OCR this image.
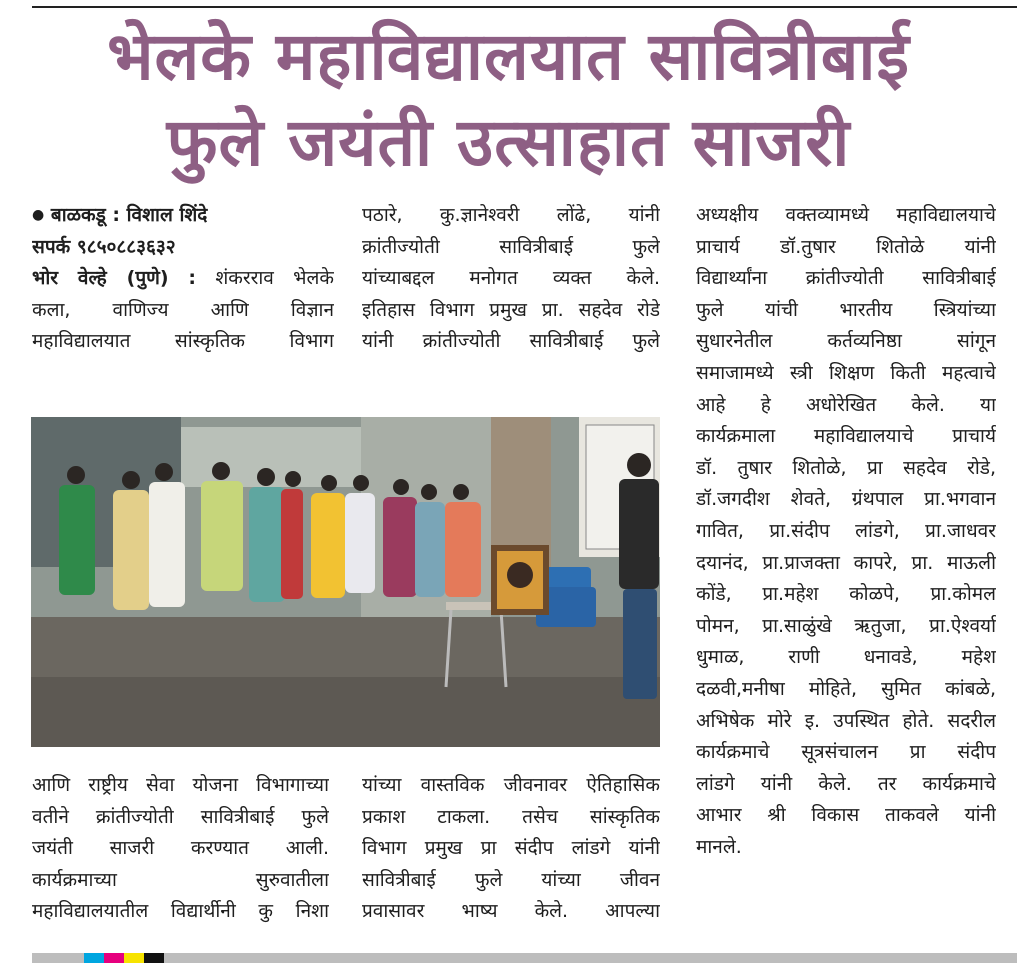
भेलके महाविद्यालयात सावित्रीबाई
फुले जयंती उत्साहात साजरी

● बाळकडू : विशाल शिंदे

सपर्क ९८५०८८३६३२

भोर वेल्हे (पुणे) : शंकरराव भेलके

कला, वाणिज्य आणि विज्ञान

महाविद्यालयात सांस्कृतिक विभाग

पठारे, कु.ज्ञानेश्वरी लोंढे, यांनी

क्रांतीज्योती सावित्रीबाई फुले

यांच्याबद्दल मनोगत व्यक्त केले.

इतिहास विभाग प्रमुख प्रा. सहदेव रोडे

यांनी क्रांतीज्योती सावित्रीबाई फुले

आणि राष्ट्रीय सेवा योजना विभागाच्या

वतीने क्रांतीज्योती सावित्रीबाई फुले

जयंती साजरी करण्यात आली.

कार्यक्रमाच्या सुरुवातीला

महाविद्यालयातील विद्यार्थीनी कु निशा

यांच्या वास्तविक जीवनावर ऐतिहासिक

प्रकाश टाकला. तसेच सांस्कृतिक

विभाग प्रमुख प्रा संदीप लांडगे यांनी

सावित्रीबाई फुले यांच्या जीवन

प्रवासावर भाष्य केले. आपल्या

अध्यक्षीय वक्तव्यामध्ये महाविद्यालयाचे

प्राचार्य डॉ.तुषार शितोळे यांनी

विद्यार्थ्यांना क्रांतीज्योती सावित्रीबाई

फुले यांची भारतीय स्त्रियांच्या

सुधारनेतील कर्तव्यनिष्ठा सांगून

समाजामध्ये स्त्री शिक्षण किती महत्वाचे

आहे हे अधोरेखित केले. या

कार्यक्रमाला महाविद्यालयाचे प्राचार्य

डॉ. तुषार शितोळे, प्रा सहदेव रोडे,

डॉ.जगदीश शेवते, ग्रंथपाल प्रा.भगवान

गावित, प्रा.संदीप लांडगे, प्रा.जाधवर

दयानंद, प्रा.प्राजक्ता कापरे, प्रा. माऊली

कोंडे, प्रा.महेश कोळपे, प्रा.कोमल

पोमन, प्रा.साळुंखे ऋतुजा, प्रा.ऐश्वर्या

धुमाळ, राणी धनावडे, महेश

दळवी,मनीषा मोहिते, सुमित कांबळे,

अभिषेक मोरे इ. उपस्थित होते. सदरील

कार्यक्रमाचे सूत्रसंचालन प्रा संदीप

लांडगे यांनी केले. तर कार्यक्रमाचे

आभार श्री विकास ताकवले यांनी

मानले.
